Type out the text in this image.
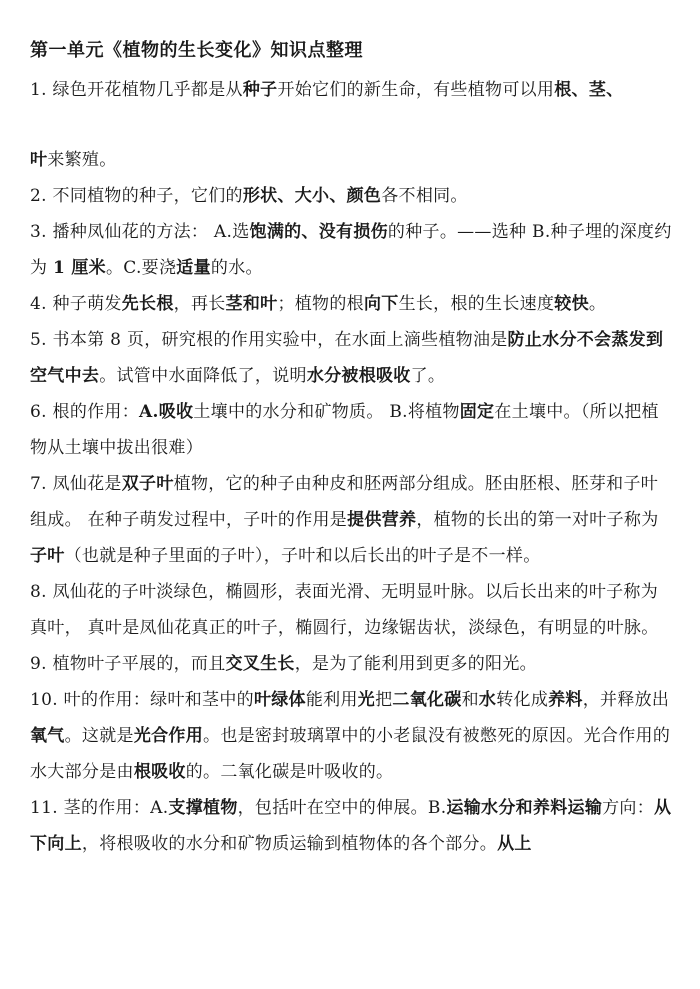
第一单元《植物的生长变化》知识点整理
1. 绿色开花植物几乎都是从种子开始它们的新生命，有些植物可以用根、茎、
叶来繁殖。
2. 不同植物的种子，它们的形状、大小、颜色各不相同。
3. 播种凤仙花的方法： A.选饱满的、没有损伤的种子。——选种 B.种子埋的深度约为 1 厘米。C.要浇适量的水。
4. 种子萌发先长根，再长茎和叶；植物的根向下生长，根的生长速度较快。
5. 书本第 8 页，研究根的作用实验中，在水面上滴些植物油是防止水分不会蒸发到空气中去。试管中水面降低了，说明水分被根吸收了。
6. 根的作用：A.吸收土壤中的水分和矿物质。 B.将植物固定在土壤中。（所以把植物从土壤中拔出很难）
7. 凤仙花是双子叶植物，它的种子由种皮和胚两部分组成。胚由胚根、胚芽和子叶组成。 在种子萌发过程中，子叶的作用是提供营养，植物的长出的第一对叶子称为子叶（也就是种子里面的子叶），子叶和以后长出的叶子是不一样。
8. 凤仙花的子叶淡绿色，椭圆形，表面光滑、无明显叶脉。以后长出来的叶子称为真叶， 真叶是凤仙花真正的叶子，椭圆行，边缘锯齿状，淡绿色，有明显的叶脉。
9. 植物叶子平展的，而且交叉生长，是为了能利用到更多的阳光。
10. 叶的作用：绿叶和茎中的叶绿体能利用光把二氧化碳和水转化成养料，并释放出氧气。这就是光合作用。也是密封玻璃罩中的小老鼠没有被憋死的原因。光合作用的水大部分是由根吸收的。二氧化碳是叶吸收的。
11. 茎的作用：A.支撑植物，包括叶在空中的伸展。B.运输水分和养料运输方向：从下向上，将根吸收的水分和矿物质运输到植物体的各个部分。从上
